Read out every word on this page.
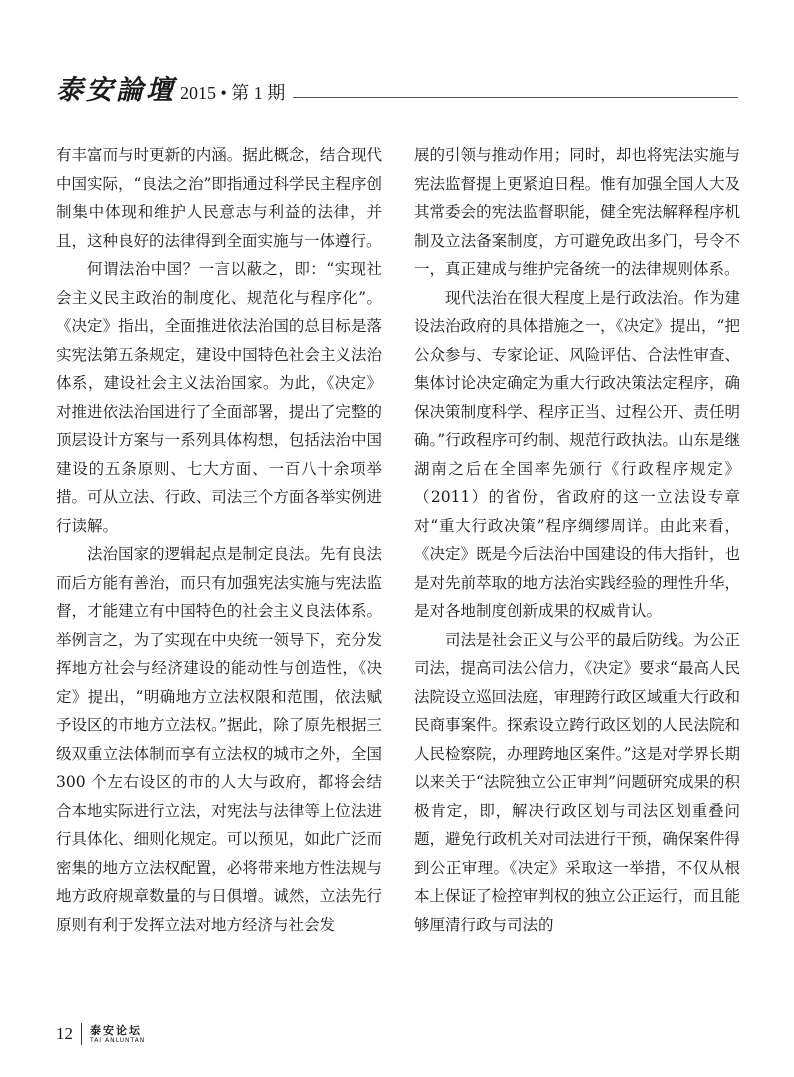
泰安論壇 2015 • 第 1 期

有丰富而与时更新的内涵。据此概念，结合现代中国实际，“良法之治”即指通过科学民主程序创制集中体现和维护人民意志与利益的法律，并且，这种良好的法律得到全面实施与一体遵行。

何谓法治中国？一言以蔽之，即：“实现社会主义民主政治的制度化、规范化与程序化”。《决定》指出，全面推进依法治国的总目标是落实宪法第五条规定，建设中国特色社会主义法治体系，建设社会主义法治国家。为此，《决定》对推进依法治国进行了全面部署，提出了完整的顶层设计方案与一系列具体构想，包括法治中国建设的五条原则、七大方面、一百八十余项举措。可从立法、行政、司法三个方面各举实例进行读解。

法治国家的逻辑起点是制定良法。先有良法而后方能有善治，而只有加强宪法实施与宪法监督，才能建立有中国特色的社会主义良法体系。举例言之，为了实现在中央统一领导下，充分发挥地方社会与经济建设的能动性与创造性，《决定》提出，“明确地方立法权限和范围，依法赋予设区的市地方立法权。”据此，除了原先根据三级双重立法体制而享有立法权的城市之外，全国 300 个左右设区的市的人大与政府，都将会结合本地实际进行立法，对宪法与法律等上位法进行具体化、细则化规定。可以预见，如此广泛而密集的地方立法权配置，必将带来地方性法规与地方政府规章数量的与日俱增。诚然，立法先行原则有利于发挥立法对地方经济与社会发

展的引领与推动作用；同时，却也将宪法实施与宪法监督提上更紧迫日程。惟有加强全国人大及其常委会的宪法监督职能，健全宪法解释程序机制及立法备案制度，方可避免政出多门，号令不一，真正建成与维护完备统一的法律规则体系。

现代法治在很大程度上是行政法治。作为建设法治政府的具体措施之一，《决定》提出，“把公众参与、专家论证、风险评估、合法性审查、集体讨论决定确定为重大行政决策法定程序，确保决策制度科学、程序正当、过程公开、责任明确。”行政程序可约制、规范行政执法。山东是继湖南之后在全国率先颁行《行政程序规定》（2011）的省份，省政府的这一立法设专章对“重大行政决策”程序绸缪周详。由此来看，《决定》既是今后法治中国建设的伟大指针，也是对先前萃取的地方法治实践经验的理性升华，是对各地制度创新成果的权威肯认。

司法是社会正义与公平的最后防线。为公正司法，提高司法公信力，《决定》要求“最高人民法院设立巡回法庭，审理跨行政区域重大行政和民商事案件。探索设立跨行政区划的人民法院和人民检察院，办理跨地区案件。”这是对学界长期以来关于“法院独立公正审判”问题研究成果的积极肯定，即，解决行政区划与司法区划重叠问题，避免行政机关对司法进行干预，确保案件得到公正审理。《决定》采取这一举措，不仅从根本上保证了检控审判权的独立公正运行，而且能够厘清行政与司法的

12 泰安论坛
TAI ANLUNTAN
